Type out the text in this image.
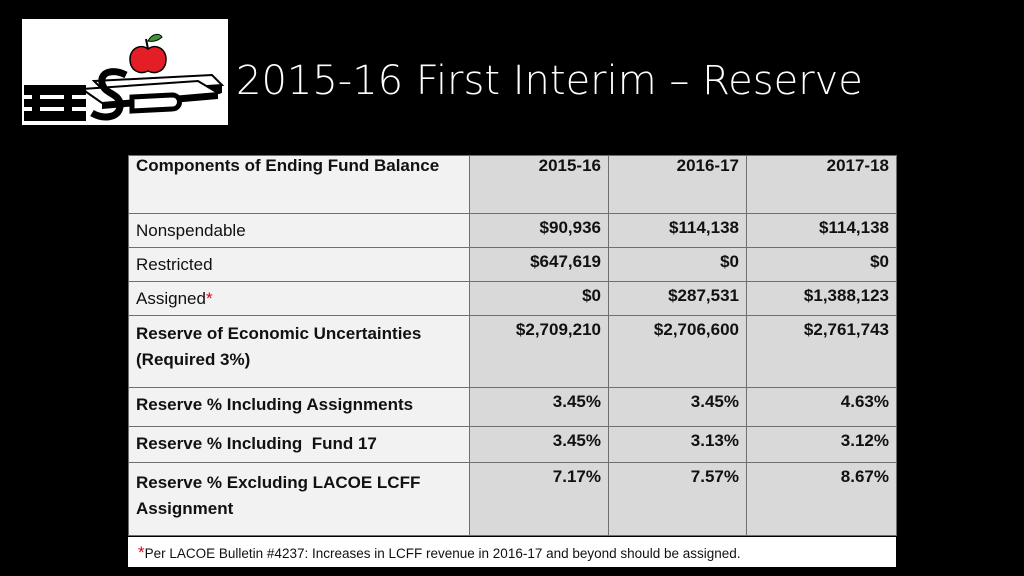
2015-16 First Interim – Reserve
Components of Ending Fund Balance	2015-16	2016-17	2017-18
Nonspendable	$90,936	$114,138	$114,138
Restricted	$647,619	$0	$0
Assigned*	$0	$287,531	$1,388,123
Reserve of Economic Uncertainties (Required 3%)	$2,709,210	$2,706,600	$2,761,743
Reserve % Including Assignments	3.45%	3.45%	4.63%
Reserve % Including  Fund 17	3.45%	3.13%	3.12%
Reserve % Excluding LACOE LCFF Assignment	7.17%	7.57%	8.67%
*Per LACOE Bulletin #4237: Increases in LCFF revenue in 2016-17 and beyond should be assigned.
